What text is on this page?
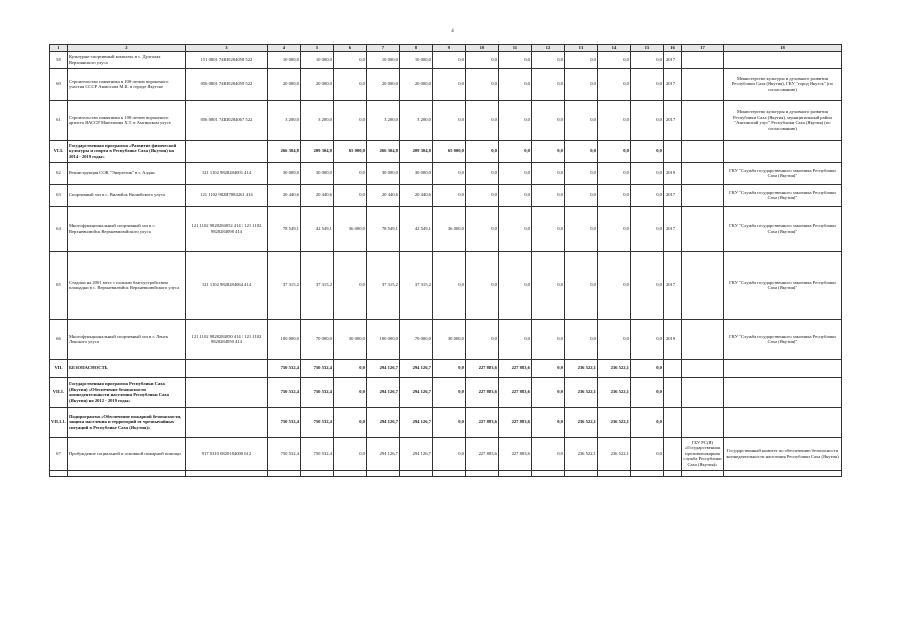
4
1	2	3	4	5	6	7	8	9	10	11	12	13	14	15	16	17	18
58	Культурно-спортивный комплекс в с. Дулгалах Верхоянского улуса	151 0801 74Ш0284058 522	10 000,0	10 000,0	0,0	10 000,0	10 000,0	0,0	0,0	0,0	0,0	0,0	0,0	0,0	2017		
60	Строительство памятника в 100-летию вороненого участия СССР Аммосова М.К. в городе Якутске	056 0801 74Ш0284059 522	20 000,0	20 000,0	0,0	20 000,0	20 000,0	0,0	0,0	0,0	0,0	0,0	0,0	0,0	2017		Министерство культуры и духовного развития Республики Саха (Якутия), ГКУ "город Якутск" (по согласованию)
61	Строительство памятника к 100-летию вороненого артиста ЯАССР Максимова Х.Т. в Амгинском улусе	056 0801 74Ш0284067 522	3 200,0	3 200,0	0,0	3 200,0	3 200,0	0,0	0,0	0,0	0,0	0,0	0,0	0,0	2017		Министерство культуры и духовного развития Республики Саха (Якутия), муниципальный район "Амгинский улус" Республики Саха (Якутия) (по согласованию)
VI.5.	Государственная программа «Развитие физической культуры и спорта в Республике Саха (Якутия) на 2014 - 2019 годы»		266 304,8	209 304,8	65 000,0	266 304,8	209 304,8	65 000,0	0,0	0,0	0,0	0,0	0,0	0,0			
62	Реконструкция СОК "Энергетик" в г. Алдан	121 1102 9828284001 414	30 000,0	30 000,0	0,0	30 000,0	30 000,0	0,0	0,0	0,0	0,0	0,0	0,0	0,0	2019		ГКУ "Служба государственного заказчика Республики Саха (Якутия)"
63	Спортивный зал в с. Вилюйск Вилюйского улуса	121 1102 982И7884261 414	20 440,6	20 440,6	0,0	20 440,6	20 440,6	0,0	0,0	0,0	0,0	0,0	0,0	0,0	2017		ГКУ "Служба государственного заказчика Республики Саха (Якутия)"
64	Многофункциональный спортивный зал в с. Верхневилюйск Верхневилюйского улуса	121 1102 9828284052 414 / 121 1102 9828284098 414	78 549,1	42 549,1	36 000,0	78 549,1	42 549,1	36 000,0	0,0	0,0	0,0	0,0	0,0	0,0	2017		ГКУ "Служба государственного заказчика Республики Саха (Якутия)"
65	Стадион на 2001 мест с полным благоустройством площадки в с. Верхневилюйск Верхневилюйского улуса	121 1102 9828284064 414	37 315,2	37 315,2	0,0	37 315,2	37 315,2	0,0	0,0	0,0	0,0	0,0	0,0	0,0	2017		ГКУ "Служба государственного заказчика Республики Саха (Якутия)"
66	Многофункциональный спортивный зал в г. Ленск Ленского улуса	121 1102 9828284050 414 / 121 1102 9828284050 414	100 000,0	70 000,0	30 000,0	100 000,0	70 000,0	30 000,0	0,0	0,0	0,0	0,0	0,0	0,0	2019		ГКУ "Служба государственного заказчика Республики Саха (Якутия)"
VII.	БЕЗОПАСНОСТЬ		750 532,4	750 532,4	0,0	294 126,7	294 126,7	0,0	227 883,6	227 883,6	0,0	236 522,1	236 522,1	0,0			
VII.1.	Государственная программа Республики Саха (Якутия) «Обеспечение безопасности жизнедеятельности населения Республики Саха (Якутия) на 2012 - 2019 годы»		750 532,4	750 532,4	0,0	294 126,7	294 126,7	0,0	227 883,6	227 883,6	0,0	236 522,1	236 522,1	0,0			
VII.1.1.	Подпрограмма «Обеспечение пожарной безопасности, защита населения и территорий от чрезвычайных ситуаций в Республике Саха (Якутия)»		750 532,4	750 532,4	0,0	294 126,7	294 126,7	0,0	227 883,6	227 883,6	0,0	236 522,1	236 522,1	0,0			
67	Пробуждение социальной и основной пожарной помощи	917 0310 0820184000 612	750 532,4	750 532,4	0,0	294 126,7	294 126,7	0,0	227 883,6	227 883,6	0,0	236 522,1	236 522,1	0,0		ГБУ РС(Я) «Государственная противопожарная служба Республики Саха (Якутия)»	Государственный комитет по обеспечению безопасности жизнедеятельности населения Республики Саха (Якутия)
